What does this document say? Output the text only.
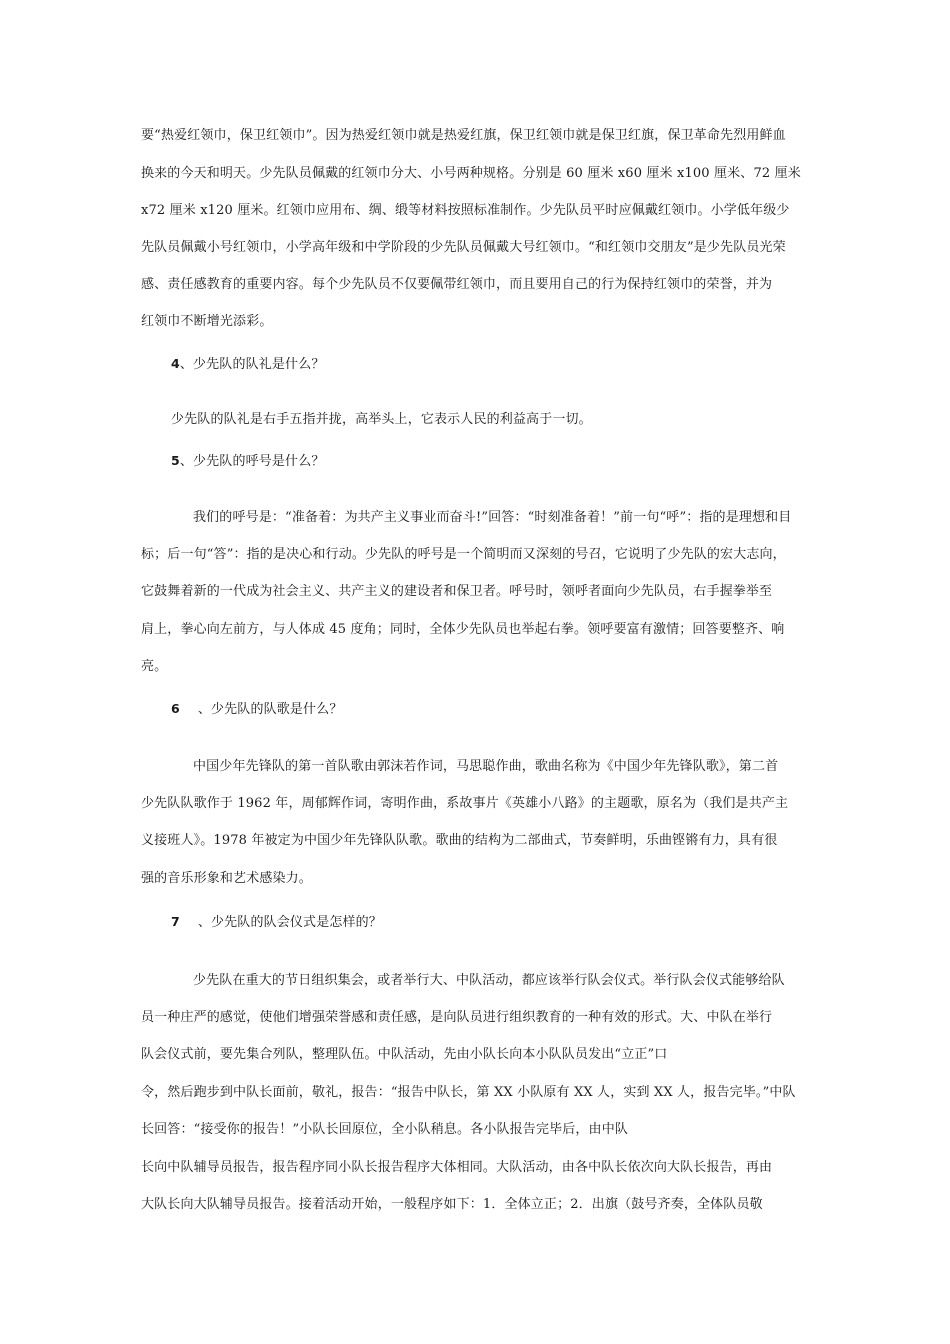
要“热爱红领巾，保卫红领巾”。因为热爱红领巾就是热爱红旗，保卫红领巾就是保卫红旗，保卫革命先烈用鲜血
换来的今天和明天。少先队员佩戴的红领巾分大、小号两种规格。分别是 60 厘米 x60 厘米 x100 厘米、72 厘米
x72 厘米 x120 厘米。红领巾应用布、绸、缎等材料按照标准制作。少先队员平时应佩戴红领巾。小学低年级少
先队员佩戴小号红领巾，小学高年级和中学阶段的少先队员佩戴大号红领巾。“和红领巾交朋友”是少先队员光荣
感、责任感教育的重要内容。每个少先队员不仅要佩带红领巾，而且要用自己的行为保持红领巾的荣誉，并为
红领巾不断增光添彩。
4、少先队的队礼是什么？
少先队的队礼是右手五指并拢，高举头上，它表示人民的利益高于一切。
5、少先队的呼号是什么？
我们的呼号是：“准备着：为共产主义事业而奋斗!”回答：“时刻准备着！”前一句“呼”：指的是理想和目
标；后一句“答”：指的是决心和行动。少先队的呼号是一个简明而又深刻的号召，它说明了少先队的宏大志向，
它鼓舞着新的一代成为社会主义、共产主义的建设者和保卫者。呼号时，领呼者面向少先队员，右手握拳举至
肩上，拳心向左前方，与人体成 45 度角；同时，全体少先队员也举起右拳。领呼要富有激情；回答要整齐、响
亮。
6 、少先队的队歌是什么？
中国少年先锋队的第一首队歌由郭沫若作词，马思聪作曲，歌曲名称为《中国少年先锋队歌》，第二首
少先队队歌作于 1962 年，周郁辉作词，寄明作曲，系故事片《英雄小八路》的主题歌，原名为（我们是共产主
义接班人》。1978 年被定为中国少年先锋队队歌。歌曲的结构为二部曲式，节奏鲜明，乐曲铿锵有力，具有很
强的音乐形象和艺术感染力。
7 、少先队的队会仪式是怎样的？
少先队在重大的节日组织集会，或者举行大、中队活动，都应该举行队会仪式。举行队会仪式能够给队
员一种庄严的感觉，使他们增强荣誉感和责任感，是向队员进行组织教育的一种有效的形式。大、中队在举行
队会仪式前，要先集合列队，整理队伍。中队活动，先由小队长向本小队队员发出“立正”口
令，然后跑步到中队长面前，敬礼，报告：“报告中队长，第 XX 小队原有 XX 人，实到 XX 人，报告完毕。”中队
长回答：“接受你的报告！”小队长回原位，全小队稍息。各小队报告完毕后，由中队
长向中队辅导员报告，报告程序同小队长报告程序大体相同。大队活动，由各中队长依次向大队长报告，再由
大队长向大队辅导员报告。接着活动开始，一般程序如下：1．全体立正；2．出旗（鼓号齐奏，全体队员敬
